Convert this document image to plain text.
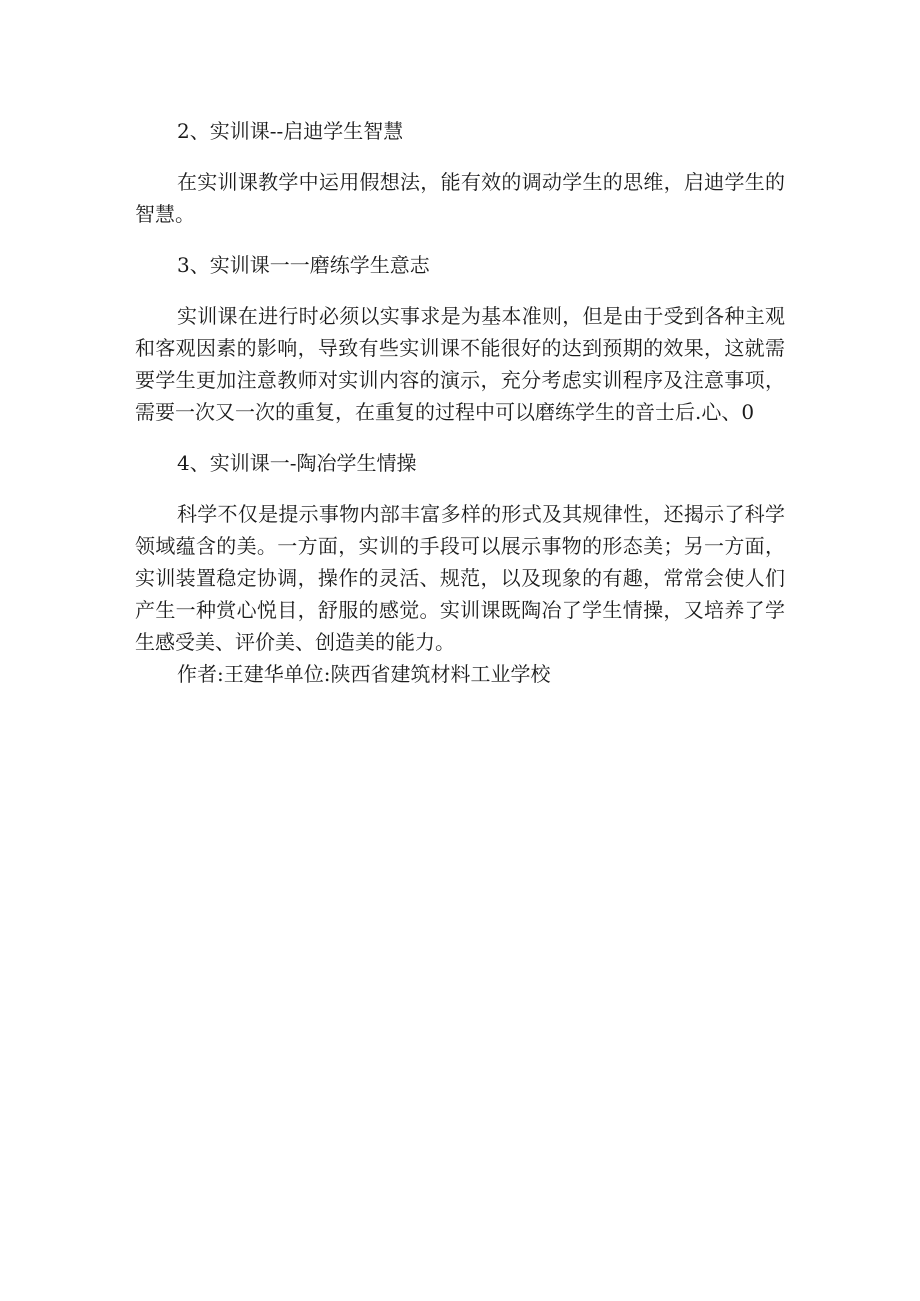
2、实训课--启迪学生智慧

在实训课教学中运用假想法，能有效的调动学生的思维，启迪学生的智慧。

3、实训课一一磨练学生意志

实训课在进行时必须以实事求是为基本准则，但是由于受到各种主观和客观因素的影响，导致有些实训课不能很好的达到预期的效果，这就需要学生更加注意教师对实训内容的演示，充分考虑实训程序及注意事项，需要一次又一次的重复，在重复的过程中可以磨练学生的音士后.心、0

4、实训课一-陶冶学生情操

科学不仅是提示事物内部丰富多样的形式及其规律性，还揭示了科学领域蕴含的美。一方面，实训的手段可以展示事物的形态美；另一方面，实训装置稳定协调，操作的灵活、规范，以及现象的有趣，常常会使人们产生一种赏心悦目，舒服的感觉。实训课既陶冶了学生情操，又培养了学生感受美、评价美、创造美的能力。

作者:王建华单位:陕西省建筑材料工业学校
